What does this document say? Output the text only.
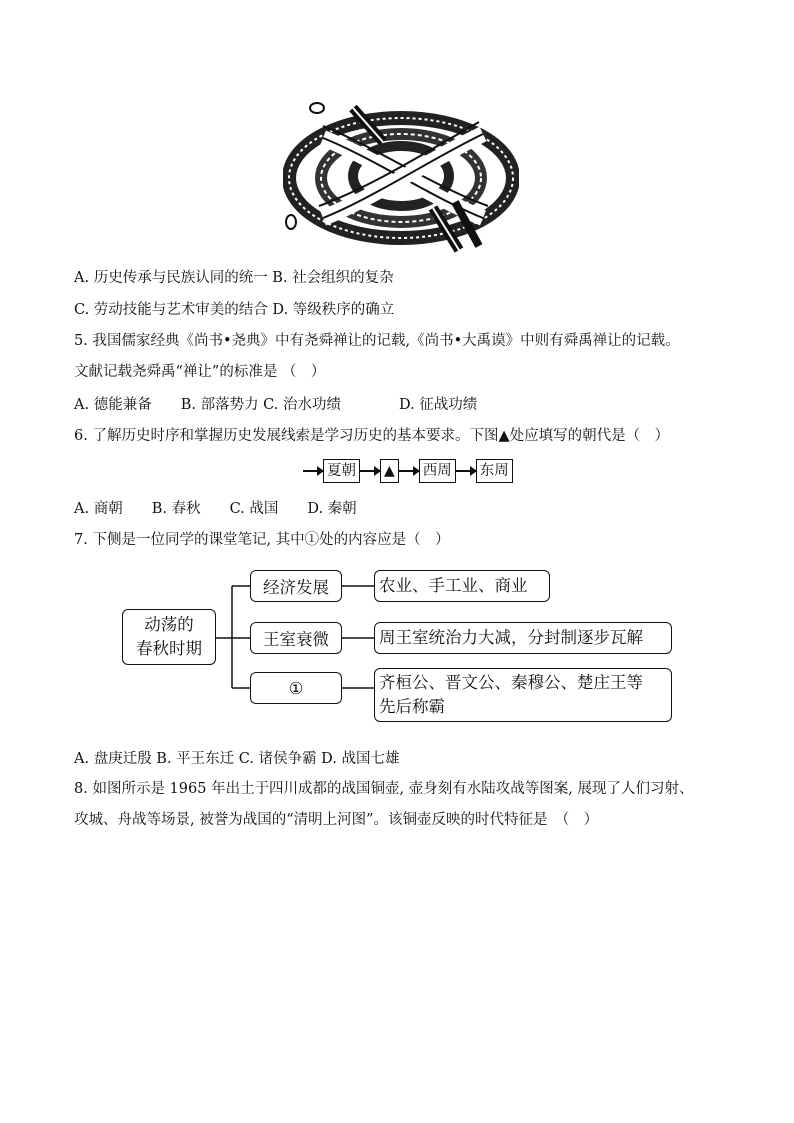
A. 历史传承与民族认同的统一 B. 社会组织的复杂
C. 劳动技能与艺术审美的结合 D. 等级秩序的确立
5. 我国儒家经典《尚书•尧典》中有尧舜禅让的记载,《尚书•大禹谟》中则有舜禹禅让的记载。
文献记载尧舜禹“禅让”的标准是 （　）
A. 德能兼备　　B. 部落势力 C. 治水功绩　　　　D. 征战功绩
6. 了解历史时序和掌握历史发展线索是学习历史的基本要求。下图▲处应填写的朝代是（　）
夏朝 ▲ 西周 东周
A. 商朝　　B. 春秋　　C. 战国　　D. 秦朝
7. 下侧是一位同学的课堂笔记, 其中①处的内容应是（　）
动荡的
春秋时期
经济发展
王室衰微
①
农业、手工业、商业
周王室统治力大减，分封制逐步瓦解
齐桓公、晋文公、秦穆公、楚庄王等
先后称霸
A. 盘庚迁殷 B. 平王东迁 C. 诸侯争霸 D. 战国七雄
8. 如图所示是 1965 年出土于四川成都的战国铜壶, 壶身刻有水陆攻战等图案, 展现了人们习射、
攻城、舟战等场景, 被誉为战国的“清明上河图”。该铜壶反映的时代特征是　（　）
